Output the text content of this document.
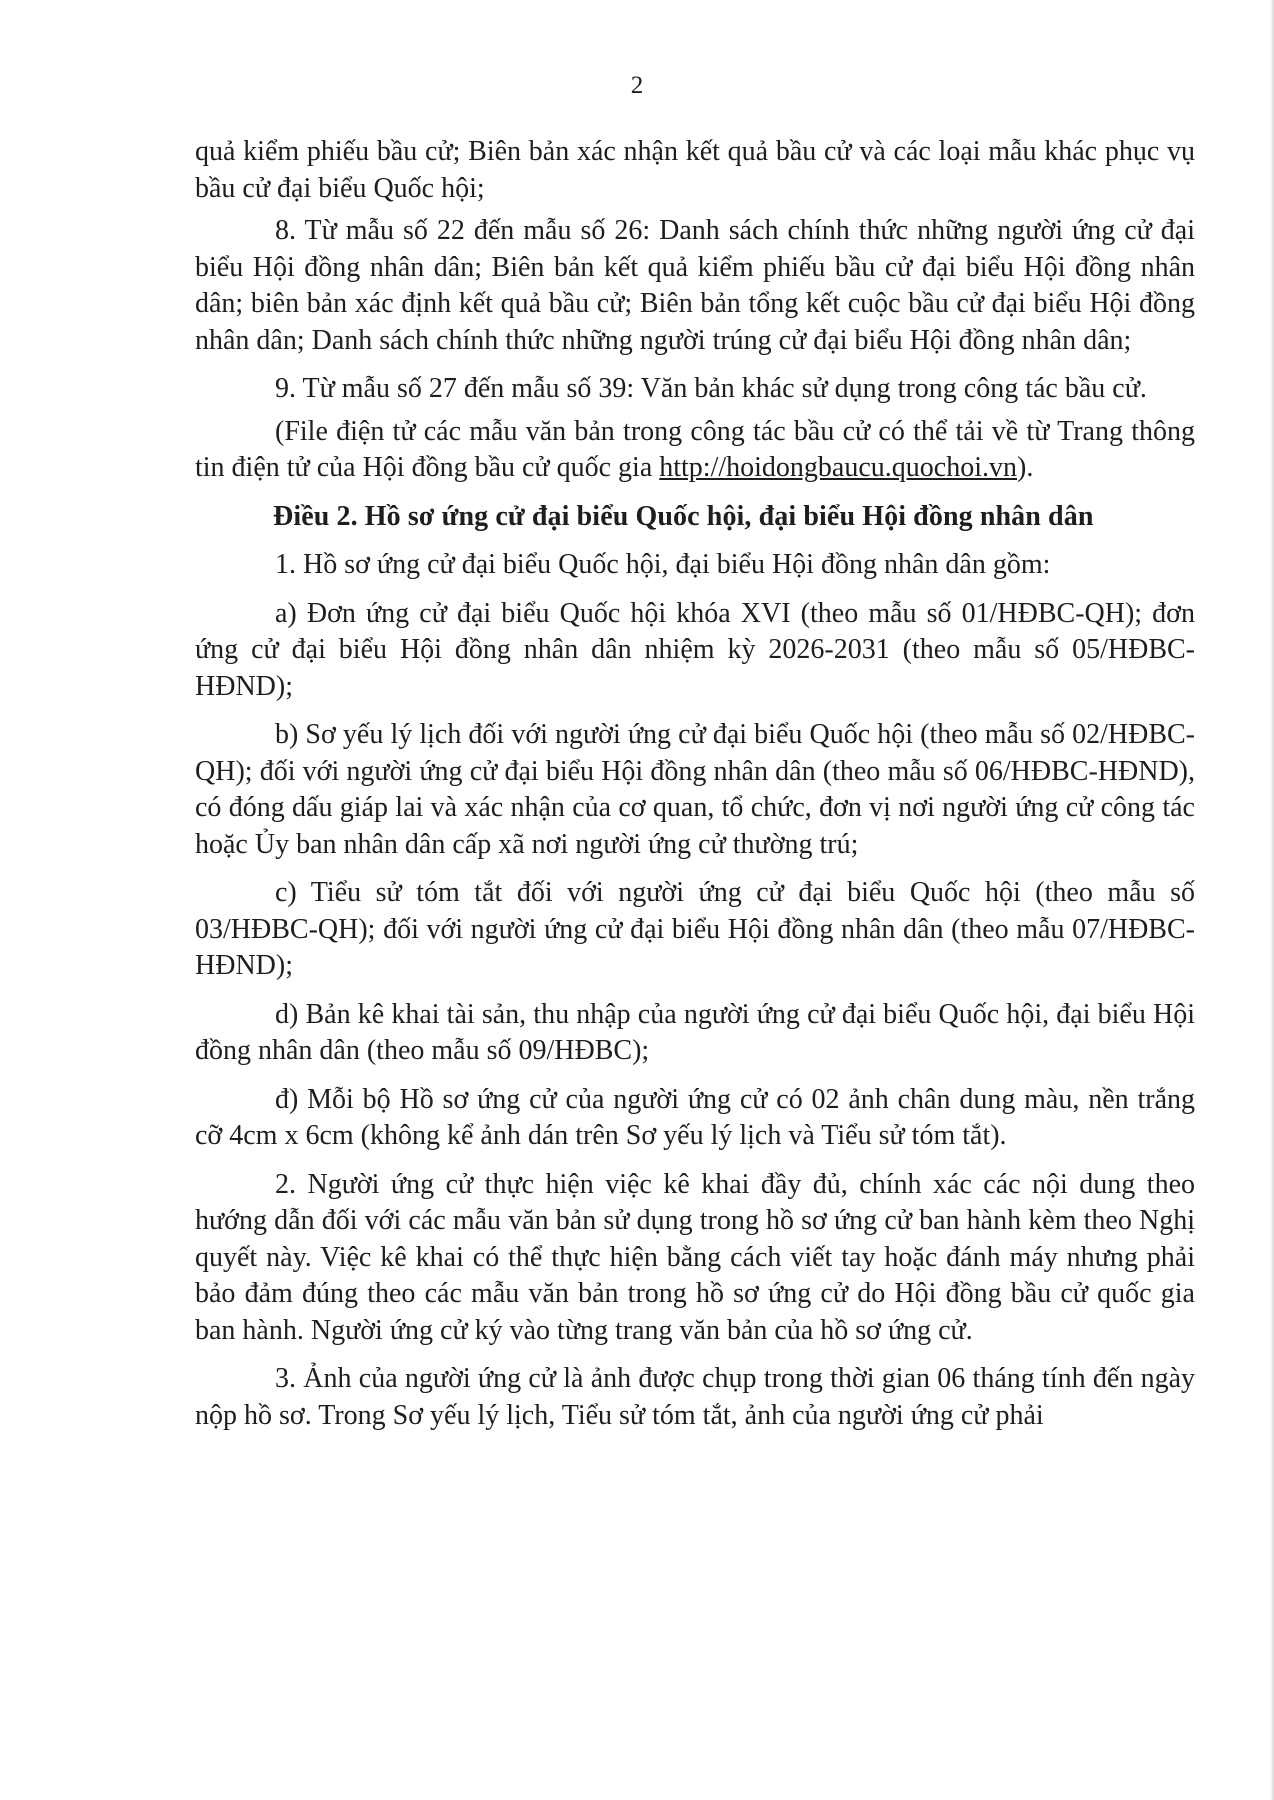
2

quả kiểm phiếu bầu cử; Biên bản xác nhận kết quả bầu cử và các loại mẫu khác phục vụ bầu cử đại biểu Quốc hội;

8. Từ mẫu số 22 đến mẫu số 26: Danh sách chính thức những người ứng cử đại biểu Hội đồng nhân dân; Biên bản kết quả kiểm phiếu bầu cử đại biểu Hội đồng nhân dân; biên bản xác định kết quả bầu cử; Biên bản tổng kết cuộc bầu cử đại biểu Hội đồng nhân dân; Danh sách chính thức những người trúng cử đại biểu Hội đồng nhân dân;

9. Từ mẫu số 27 đến mẫu số 39: Văn bản khác sử dụng trong công tác bầu cử.

(File điện tử các mẫu văn bản trong công tác bầu cử có thể tải về từ Trang thông tin điện tử của Hội đồng bầu cử quốc gia http://hoidongbaucu.quochoi.vn).

Điều 2. Hồ sơ ứng cử đại biểu Quốc hội, đại biểu Hội đồng nhân dân

1. Hồ sơ ứng cử đại biểu Quốc hội, đại biểu Hội đồng nhân dân gồm:

a) Đơn ứng cử đại biểu Quốc hội khóa XVI (theo mẫu số 01/HĐBC-QH); đơn ứng cử đại biểu Hội đồng nhân dân nhiệm kỳ 2026-2031 (theo mẫu số 05/HĐBC-HĐND);

b) Sơ yếu lý lịch đối với người ứng cử đại biểu Quốc hội (theo mẫu số 02/HĐBC-QH); đối với người ứng cử đại biểu Hội đồng nhân dân (theo mẫu số 06/HĐBC-HĐND), có đóng dấu giáp lai và xác nhận của cơ quan, tổ chức, đơn vị nơi người ứng cử công tác hoặc Ủy ban nhân dân cấp xã nơi người ứng cử thường trú;

c) Tiểu sử tóm tắt đối với người ứng cử đại biểu Quốc hội (theo mẫu số 03/HĐBC-QH); đối với người ứng cử đại biểu Hội đồng nhân dân (theo mẫu 07/HĐBC-HĐND);

d) Bản kê khai tài sản, thu nhập của người ứng cử đại biểu Quốc hội, đại biểu Hội đồng nhân dân (theo mẫu số 09/HĐBC);

đ) Mỗi bộ Hồ sơ ứng cử của người ứng cử có 02 ảnh chân dung màu, nền trắng cỡ 4cm x 6cm (không kể ảnh dán trên Sơ yếu lý lịch và Tiểu sử tóm tắt).

2. Người ứng cử thực hiện việc kê khai đầy đủ, chính xác các nội dung theo hướng dẫn đối với các mẫu văn bản sử dụng trong hồ sơ ứng cử ban hành kèm theo Nghị quyết này. Việc kê khai có thể thực hiện bằng cách viết tay hoặc đánh máy nhưng phải bảo đảm đúng theo các mẫu văn bản trong hồ sơ ứng cử do Hội đồng bầu cử quốc gia ban hành. Người ứng cử ký vào từng trang văn bản của hồ sơ ứng cử.

3. Ảnh của người ứng cử là ảnh được chụp trong thời gian 06 tháng tính đến ngày nộp hồ sơ. Trong Sơ yếu lý lịch, Tiểu sử tóm tắt, ảnh của người ứng cử phải
